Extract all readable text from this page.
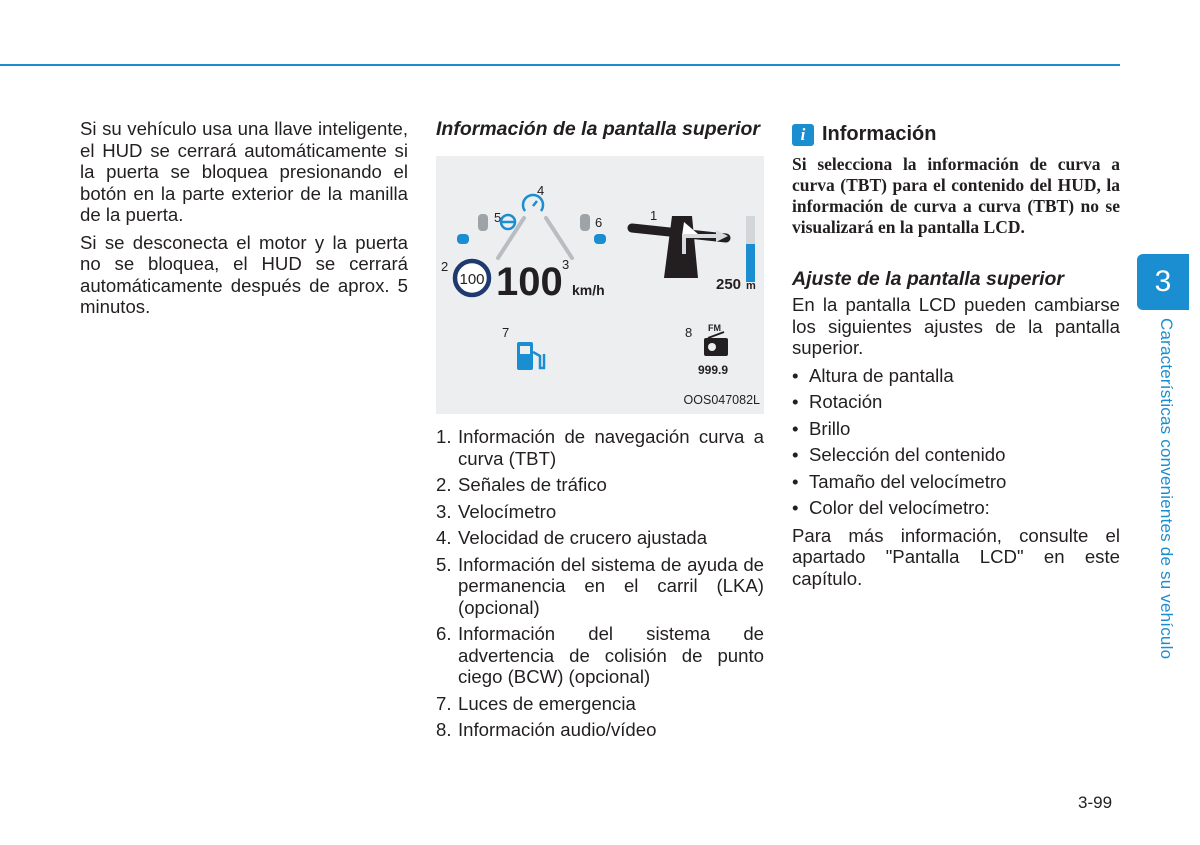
Si su vehículo usa una llave inteligente, el HUD se cerrará automáticamente si la puerta se bloquea presionando el botón en la parte exterior de la manilla de la puerta.

Si se desconecta el motor y la puerta no se bloquea, el HUD se cerrará automáticamente después de aprox. 5 minutos.

Información de la pantalla superior
1
2	3
4
5	6
7	8
100 100 km/h	250 m
FM
999.9
OOS047082L
1. Información de navegación curva a curva (TBT)
2. Señales de tráfico
3. Velocímetro
4. Velocidad de crucero ajustada
5. Información del sistema de ayuda de permanencia en el carril (LKA) (opcional)
6. Información del sistema de advertencia de colisión de punto ciego (BCW) (opcional)
7. Luces de emergencia
8. Información audio/vídeo
i Información

Si selecciona la información de curva a curva (TBT) para el contenido del HUD, la información de curva a curva (TBT) no se visualizará en la pantalla LCD.

Ajuste de la pantalla superior

En la pantalla LCD pueden cambiarse los siguientes ajustes de la pantalla superior.

• Altura de pantalla
• Rotación
• Brillo
• Selección del contenido
• Tamaño del velocímetro
• Color del velocímetro:

Para más información, consulte el apartado "Pantalla LCD" en este capítulo.

3
Características convenientes de su vehículo
3-99
